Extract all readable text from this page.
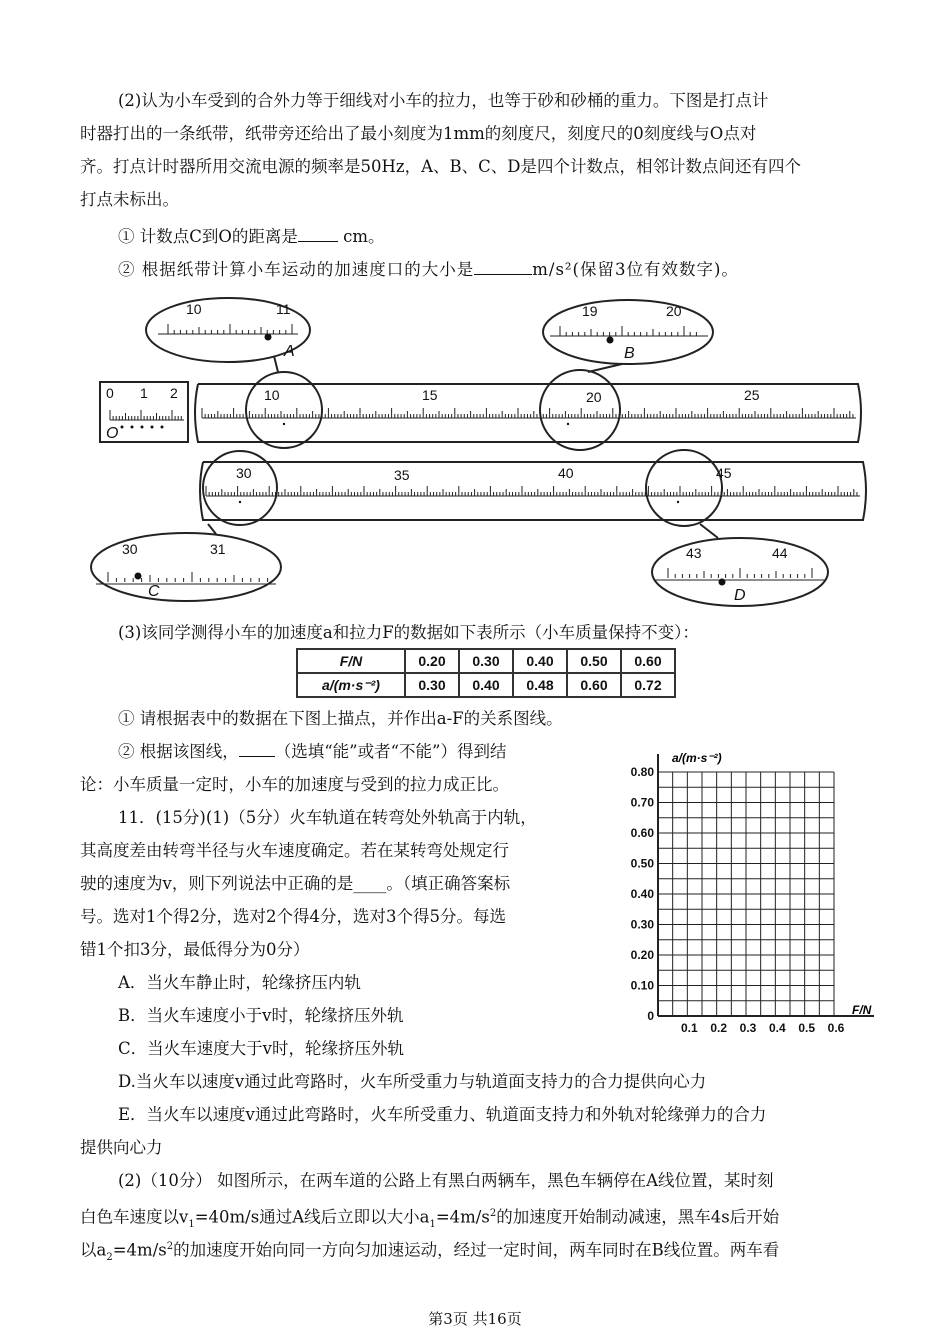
(2)认为小车受到的合外力等于细线对小车的拉力，也等于砂和砂桶的重力。下图是打点计
时器打出的一条纸带，纸带旁还给出了最小刻度为1mm的刻度尺，刻度尺的0刻度线与O点对
齐。打点计时器所用交流电源的频率是50Hz，A、B、C、D是四个计数点，相邻计数点间还有四个
打点未标出。
① 计数点C到O的距离是 cm。
② 根据纸带计算小车运动的加速度口的大小是	m/s²(保留3位有效数字)。
0 1 2	10	15	20	25
30	35	40	45
O
10	11
A
19	20
B
30	31
C
43	44
D
(3)该同学测得小车的加速度a和拉力F的数据如下表所示（小车质量保持不变）：
F/N	0.20	0.30	0.40	0.50	0.60
a/(m·s⁻²)	0.30	0.40	0.48	0.60	0.72
① 请根据表中的数据在下图上描点，并作出a-F的关系图线。
② 根据该图线， （选填“能”或者“不能”）得到结
论：小车质量一定时，小车的加速度与受到的拉力成正比。
0.80
0.70
0.60
0.50
0.40
0.30
0.20
0.10
0
0.1 0.2 0.3 0.4 0.5 0.6
a/(m·s⁻²)
F/N
11．(15分)(1)（5分）火车轨道在转弯处外轨高于内轨，
其高度差由转弯半径与火车速度确定。若在某转弯处规定行
驶的速度为v，则下列说法中正确的是____。（填正确答案标
号。选对1个得2分，选对2个得4分，选对3个得5分。每选
错1个扣3分，最低得分为0分）
A．当火车静止时，轮缘挤压内轨
B．当火车速度小于v时，轮缘挤压外轨
C．当火车速度大于v时，轮缘挤压外轨
D.当火车以速度v通过此弯路时，火车所受重力与轨道面支持力的合力提供向心力
E．当火车以速度v通过此弯路时，火车所受重力、轨道面支持力和外轨对轮缘弹力的合力
提供向心力
(2)（10分） 如图所示，在两车道的公路上有黑白两辆车，黑色车辆停在A线位置，某时刻
白色车速度以$v_1=40m/s$通过A线后立即以大小$a_1=4m/s^2$的加速度开始制动减速，黑车4s后开始
以$a_2=4m/s^2$的加速度开始向同一方向匀加速运动，经过一定时间，两车同时在B线位置。两车看
第3页 共16页
